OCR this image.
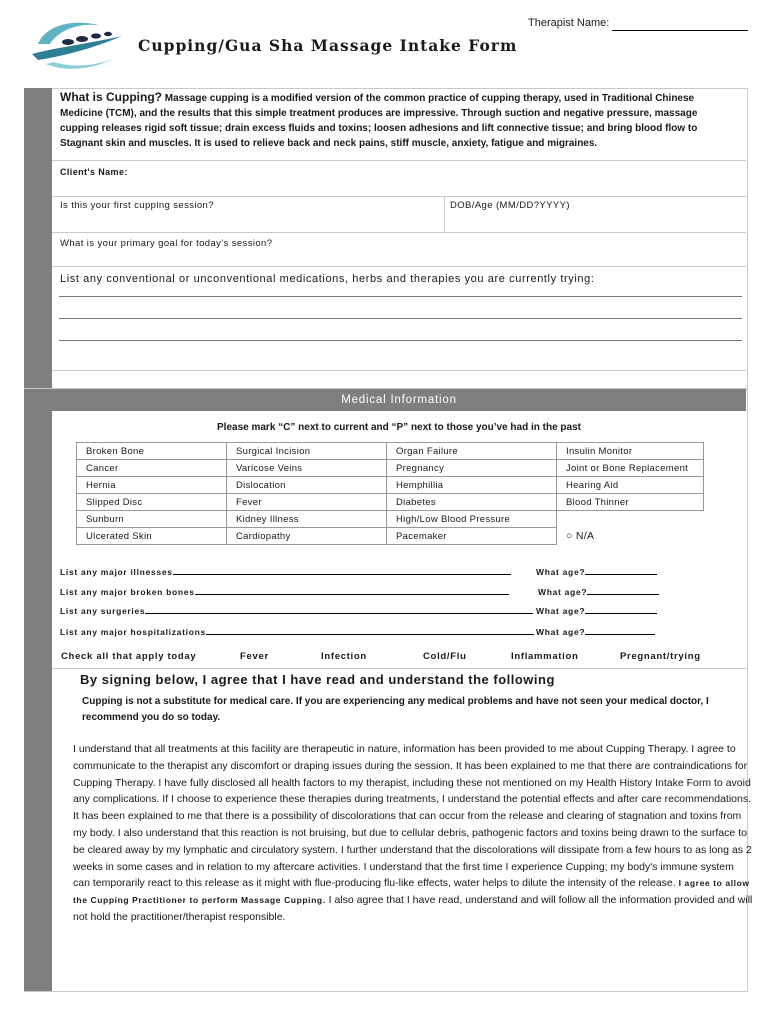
Therapist Name:
Cupping/Gua Sha Massage Intake Form
What is Cupping? Massage cupping is a modified version of the common practice of cupping therapy, used in Traditional Chinese Medicine (TCM), and the results that this simple treatment produces are impressive. Through suction and negative pressure, massage cupping releases rigid soft tissue; drain excess fluids and toxins; loosen adhesions and lift connective tissue; and bring blood flow to Stagnant skin and muscles. It is used to relieve back and neck pains, stiff muscle, anxiety, fatigue and migraines.
Client's Name:
Is this your first cupping session?	DOB/Age (MM/DD?YYYY)
What is your primary goal for today's session?
List any conventional or unconventional medications, herbs and therapies you are currently trying:
Medical Information
Please mark “C” next to current and “P” next to those you’ve had in the past
Broken Bone	Surgical Incision	Organ Failure	Insulin Monitor
Cancer	Varicose Veins	Pregnancy	Joint or Bone Replacement
Hernia	Dislocation	Hemphillia	Hearing Aid
Slipped Disc	Fever	Diabetes	Blood Thinner
Sunburn	Kidney Illness	High/Low Blood Pressure	
Ulcerated Skin	Cardiopathy	Pacemaker	○ N/A
List any major illnesses	What age?
List any major broken bones	What age?
List any surgeries	What age?
List any major hospitalizations	What age?
Check all that apply today	Fever	Infection	Cold/Flu	Inflammation	Pregnant/trying
By signing below, I agree that I have read and understand the following
Cupping is not a substitute for medical care. If you are experiencing any medical problems and have not seen your medical doctor, I recommend you do so today.
I understand that all treatments at this facility are therapeutic in nature, information has been provided to me about Cupping Therapy. I agree to communicate to the therapist any discomfort or draping issues during the session. It has been explained to me that there are contraindications for Cupping Therapy. I have fully disclosed all health factors to my therapist, including these not mentioned on my Health History Intake Form to avoid any complications. If I choose to experience these therapies during treatments, I understand the potential effects and after care recommendations. It has been explained to me that there is a possibility of discolorations that can occur from the release and clearing of stagnation and toxins from my body. I also understand that this reaction is not bruising, but due to cellular debris, pathogenic factors and toxins being drawn to the surface to be cleared away by my lymphatic and circulatory system. I further understand that the discolorations will dissipate from a few hours to as long as 2 weeks in some cases and in relation to my aftercare activities. I understand that the first time I experience Cupping; my body's immune system can temporarily react to this release as it might with flue-producing flu-like effects, water helps to dilute the intensity of the release. I agree to allow the Cupping Practitioner to perform Massage Cupping. I also agree that I have read, understand and will follow all the information provided and will not hold the practitioner/therapist responsible.
